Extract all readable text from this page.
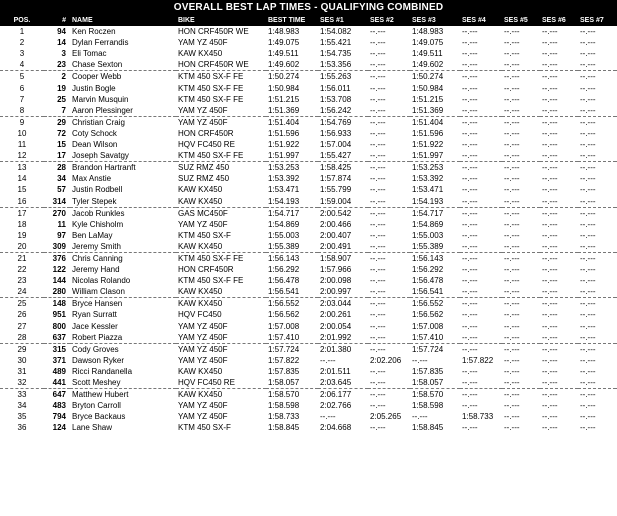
OVERALL BEST LAP TIMES - QUALIFYING COMBINED
POS.	#	NAME	BIKE	BEST TIME	SES #1	SES #2	SES #3	SES #4	SES #5	SES #6	SES #7	
1	94	Ken Roczen	HON CRF450R WE	1:48.983	1:54.082	--.---	1:48.983	--.---	--.---	--.---	--.---	
2	14	Dylan Ferrandis	YAM YZ 450F	1:49.075	1:55.421	--.---	1:49.075	--.---	--.---	--.---	--.---	
3	3	Eli Tomac	KAW KX450	1:49.511	1:54.735	--.---	1:49.511	--.---	--.---	--.---	--.---	
4	23	Chase Sexton	HON CRF450R WE	1:49.602	1:53.356	--.---	1:49.602	--.---	--.---	--.---	--.---	
5	2	Cooper Webb	KTM 450 SX-F FE	1:50.274	1:55.263	--.---	1:50.274	--.---	--.---	--.---	--.---	
6	19	Justin Bogle	KTM 450 SX-F FE	1:50.984	1:56.011	--.---	1:50.984	--.---	--.---	--.---	--.---	
7	25	Marvin Musquin	KTM 450 SX-F FE	1:51.215	1:53.708	--.---	1:51.215	--.---	--.---	--.---	--.---	
8	7	Aaron Plessinger	YAM YZ 450F	1:51.369	1:56.242	--.---	1:51.369	--.---	--.---	--.---	--.---	
9	29	Christian Craig	YAM YZ 450F	1:51.404	1:54.769	--.---	1:51.404	--.---	--.---	--.---	--.---	
10	72	Coty Schock	HON CRF450R	1:51.596	1:56.933	--.---	1:51.596	--.---	--.---	--.---	--.---	
11	15	Dean Wilson	HQV FC450 RE	1:51.922	1:57.004	--.---	1:51.922	--.---	--.---	--.---	--.---	
12	17	Joseph Savatgy	KTM 450 SX-F FE	1:51.997	1:55.427	--.---	1:51.997	--.---	--.---	--.---	--.---	
13	28	Brandon Hartranft	SUZ RMZ 450	1:53.253	1:58.425	--.---	1:53.253	--.---	--.---	--.---	--.---	
14	34	Max Anstie	SUZ RMZ 450	1:53.392	1:57.874	--.---	1:53.392	--.---	--.---	--.---	--.---	
15	57	Justin Rodbell	KAW KX450	1:53.471	1:55.799	--.---	1:53.471	--.---	--.---	--.---	--.---	
16	314	Tyler Stepek	KAW KX450	1:54.193	1:59.004	--.---	1:54.193	--.---	--.---	--.---	--.---	
17	270	Jacob Runkles	GAS MC450F	1:54.717	2:00.542	--.---	1:54.717	--.---	--.---	--.---	--.---	
18	11	Kyle Chisholm	YAM YZ 450F	1:54.869	2:00.466	--.---	1:54.869	--.---	--.---	--.---	--.---	
19	97	Ben LaMay	KTM 450 SX-F	1:55.003	2:00.407	--.---	1:55.003	--.---	--.---	--.---	--.---	
20	309	Jeremy Smith	KAW KX450	1:55.389	2:00.491	--.---	1:55.389	--.---	--.---	--.---	--.---	
21	376	Chris Canning	KTM 450 SX-F FE	1:56.143	1:58.907	--.---	1:56.143	--.---	--.---	--.---	--.---	
22	122	Jeremy Hand	HON CRF450R	1:56.292	1:57.966	--.---	1:56.292	--.---	--.---	--.---	--.---	
23	144	Nicolas Rolando	KTM 450 SX-F FE	1:56.478	2:00.098	--.---	1:56.478	--.---	--.---	--.---	--.---	
24	280	William Clason	KAW KX450	1:56.541	2:00.997	--.---	1:56.541	--.---	--.---	--.---	--.---	
25	148	Bryce Hansen	KAW KX450	1:56.552	2:03.044	--.---	1:56.552	--.---	--.---	--.---	--.---	
26	951	Ryan Surratt	HQV FC450	1:56.562	2:00.261	--.---	1:56.562	--.---	--.---	--.---	--.---	
27	800	Jace Kessler	YAM YZ 450F	1:57.008	2:00.054	--.---	1:57.008	--.---	--.---	--.---	--.---	
28	637	Robert Piazza	YAM YZ 450F	1:57.410	2:01.992	--.---	1:57.410	--.---	--.---	--.---	--.---	
29	315	Cody Groves	YAM YZ 450F	1:57.724	2:01.380	--.---	1:57.724	--.---	--.---	--.---	--.---	
30	371	Dawson Ryker	YAM YZ 450F	1:57.822	--.---	2:02.206	--.---	1:57.822	--.---	--.---	--.---	
31	489	Ricci Randanella	KAW KX450	1:57.835	2:01.511	--.---	1:57.835	--.---	--.---	--.---	--.---	
32	441	Scott Meshey	HQV FC450 RE	1:58.057	2:03.645	--.---	1:58.057	--.---	--.---	--.---	--.---	
33	647	Matthew Hubert	KAW KX450	1:58.570	2:06.177	--.---	1:58.570	--.---	--.---	--.---	--.---	
34	483	Bryton Carroll	YAM YZ 450F	1:58.598	2:02.766	--.---	1:58.598	--.---	--.---	--.---	--.---	
35	794	Bryce Backaus	YAM YZ 450F	1:58.733	--.---	2:05.265	--.---	1:58.733	--.---	--.---	--.---	
36	124	Lane Shaw	KTM 450 SX-F	1:58.845	2:04.668	--.---	1:58.845	--.---	--.---	--.---	--.---	
